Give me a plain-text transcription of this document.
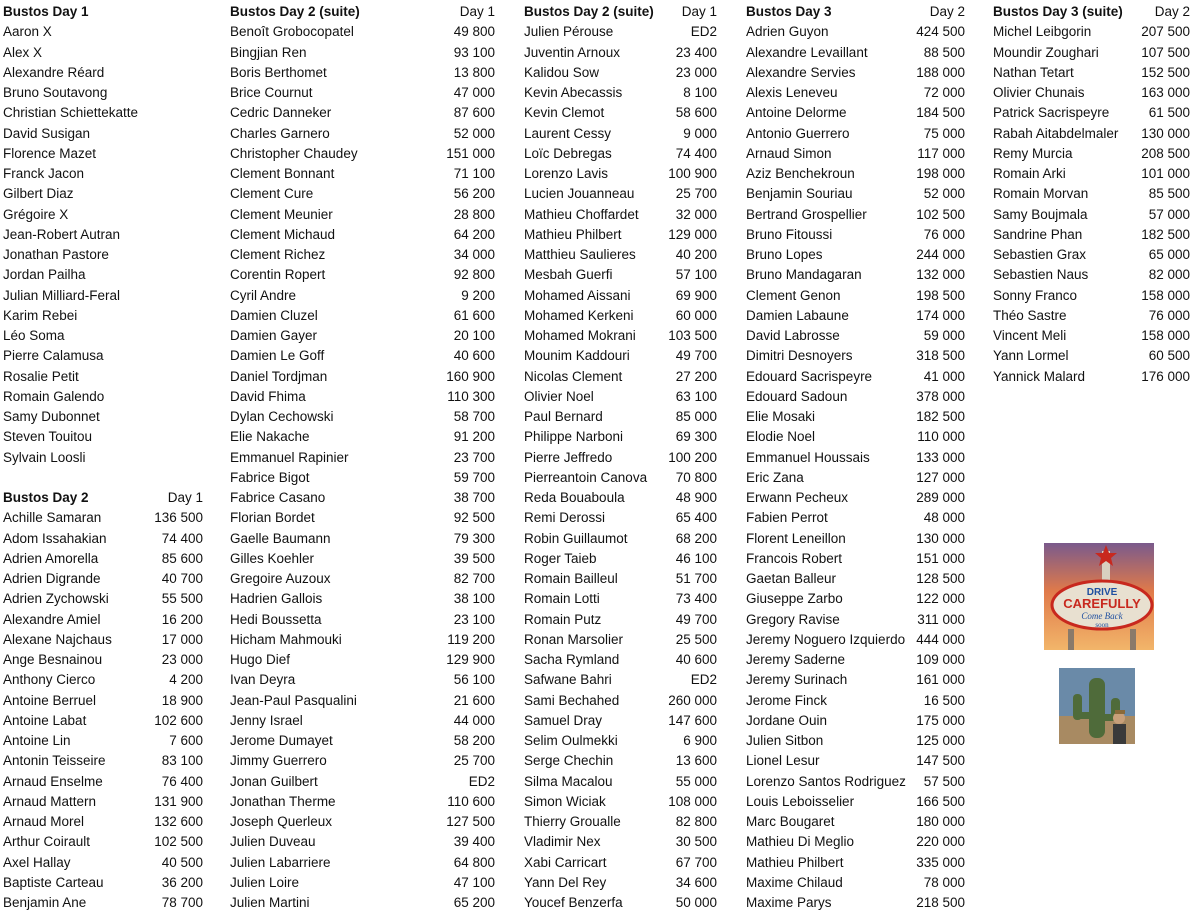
Bustos Day 1
Aaron X
Alex X
Alexandre Réard
Bruno Soutavong
Christian Schiettekatte
David Susigan
Florence Mazet
Franck Jacon
Gilbert Diaz
Grégoire X
Jean-Robert Autran
Jonathan Pastore
Jordan Pailha
Julian Milliard-Feral
Karim Rebei
Léo Soma
Pierre Calamusa
Rosalie Petit
Romain Galendo
Samy Dubonnet
Steven Touitou
Sylvain Loosli
Bustos Day 2	Day 1
Achille Samaran	136 500
Adom Issahakian	74 400
Adrien Amorella	85 600
Adrien Digrande	40 700
Adrien Zychowski	55 500
Alexandre Amiel	16 200
Alexane Najchaus	17 000
Ange Besnainou	23 000
Anthony Cierco	4 200
Antoine Berruel	18 900
Antoine Labat	102 600
Antoine Lin	7 600
Antonin Teisseire	83 100
Arnaud Enselme	76 400
Arnaud Mattern	131 900
Arnaud Morel	132 600
Arthur Coirault	102 500
Axel Hallay	40 500
Baptiste Carteau	36 200
Benjamin Ane	78 700
Bustos Day 2 (suite)	Day 1
Benoît Grobocopatel	49 800
Bingjian Ren	93 100
Boris Berthomet	13 800
Brice Cournut	47 000
Cedric Danneker	87 600
Charles Garnero	52 000
Christopher Chaudey	151 000
Clement Bonnant	71 100
Clement Cure	56 200
Clement Meunier	28 800
Clement Michaud	64 200
Clement Richez	34 000
Corentin Ropert	92 800
Cyril Andre	9 200
Damien Cluzel	61 600
Damien Gayer	20 100
Damien Le Goff	40 600
Daniel Tordjman	160 900
David Fhima	110 300
Dylan Cechowski	58 700
Elie Nakache	91 200
Emmanuel Rapinier	23 700
Fabrice Bigot	59 700
Fabrice Casano	38 700
Florian Bordet	92 500
Gaelle Baumann	79 300
Gilles Koehler	39 500
Gregoire Auzoux	82 700
Hadrien Gallois	38 100
Hedi Boussetta	23 100
Hicham Mahmouki	119 200
Hugo Dief	129 900
Ivan Deyra	56 100
Jean-Paul Pasqualini	21 600
Jenny Israel	44 000
Jerome Dumayet	58 200
Jimmy Guerrero	25 700
Jonan Guilbert	ED2
Jonathan Therme	110 600
Joseph Querleux	127 500
Julien Duveau	39 400
Julien Labarriere	64 800
Julien Loire	47 100
Julien Martini	65 200
Bustos Day 2 (suite)	Day 1
Julien Pérouse	ED2
Juventin Arnoux	23 400
Kalidou Sow	23 000
Kevin Abecassis	8 100
Kevin Clemot	58 600
Laurent Cessy	9 000
Loïc Debregas	74 400
Lorenzo Lavis	100 900
Lucien Jouanneau	25 700
Mathieu Choffardet	32 000
Mathieu Philbert	129 000
Matthieu Saulieres	40 200
Mesbah Guerfi	57 100
Mohamed Aissani	69 900
Mohamed Kerkeni	60 000
Mohamed Mokrani	103 500
Mounim Kaddouri	49 700
Nicolas Clement	27 200
Olivier Noel	63 100
Paul Bernard	85 000
Philippe Narboni	69 300
Pierre Jeffredo	100 200
Pierreantoin Canova	70 800
Reda Bouaboula	48 900
Remi Derossi	65 400
Robin Guillaumot	68 200
Roger Taieb	46 100
Romain Bailleul	51 700
Romain Lotti	73 400
Romain Putz	49 700
Ronan Marsolier	25 500
Sacha Rymland	40 600
Safwane Bahri	ED2
Sami Bechahed	260 000
Samuel Dray	147 600
Selim Oulmekki	6 900
Serge Chechin	13 600
Silma Macalou	55 000
Simon Wiciak	108 000
Thierry Groualle	82 800
Vladimir Nex	30 500
Xabi Carricart	67 700
Yann Del Rey	34 600
Youcef Benzerfa	50 000
Bustos Day 3	Day 2
Adrien Guyon	424 500
Alexandre Levaillant	88 500
Alexandre Servies	188 000
Alexis Leneveu	72 000
Antoine Delorme	184 500
Antonio Guerrero	75 000
Arnaud Simon	117 000
Aziz Benchekroun	198 000
Benjamin Souriau	52 000
Bertrand Grospellier	102 500
Bruno Fitoussi	76 000
Bruno Lopes	244 000
Bruno Mandagaran	132 000
Clement Genon	198 500
Damien Labaune	174 000
David Labrosse	59 000
Dimitri Desnoyers	318 500
Edouard Sacrispeyre	41 000
Edouard Sadoun	378 000
Elie Mosaki	182 500
Elodie Noel	110 000
Emmanuel Houssais	133 000
Eric Zana	127 000
Erwann Pecheux	289 000
Fabien Perrot	48 000
Florent Leneillon	130 000
Francois Robert	151 000
Gaetan Balleur	128 500
Giuseppe Zarbo	122 000
Gregory Ravise	311 000
Jeremy Noguero Izquierdo 444 000
Jeremy Saderne	109 000
Jeremy Surinach	161 000
Jerome Finck	16 500
Jordane Ouin	175 000
Julien Sitbon	125 000
Lionel Lesur	147 500
Lorenzo Santos Rodriguez	57 500
Louis Leboisselier	166 500
Marc Bougaret	180 000
Mathieu Di Meglio	220 000
Mathieu Philbert	335 000
Maxime Chilaud	78 000
Maxime Parys	218 500
Bustos Day 3 (suite)	Day 2
Michel Leibgorin	207 500
Moundir Zoughari	107 500
Nathan Tetart	152 500
Olivier Chunais	163 000
Patrick Sacrispeyre	61 500
Rabah Aitabdelmaler	130 000
Remy Murcia	208 500
Romain Arki	101 000
Romain Morvan	85 500
Samy Boujmala	57 000
Sandrine Phan	182 500
Sebastien Grax	65 000
Sebastien Naus	82 000
Sonny Franco	158 000
Théo Sastre	76 000
Vincent Meli	158 000
Yann Lormel	60 500
Yannick Malard	176 000
DRIVE
CAREFULLY
Come Back
soon
